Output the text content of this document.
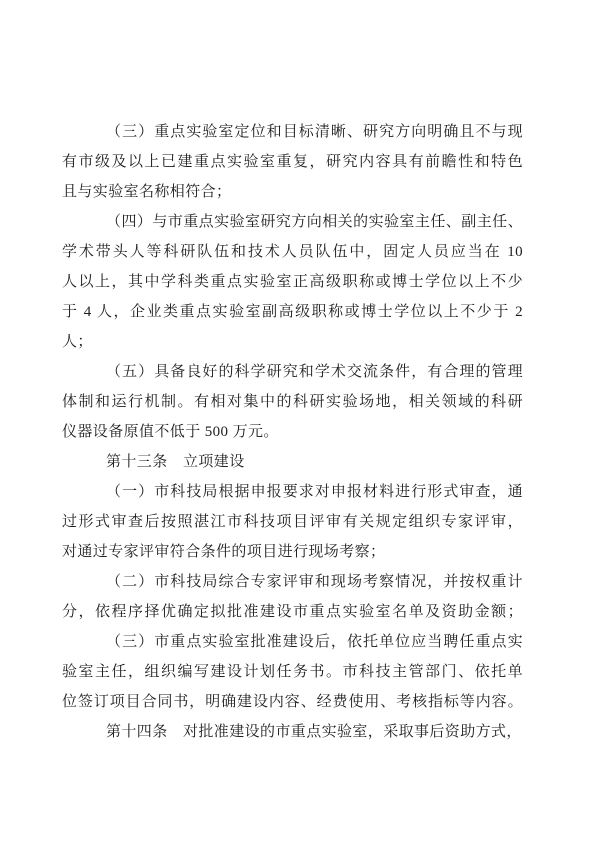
（三）重点实验室定位和目标清晰、研究方向明确且不与现
有市级及以上已建重点实验室重复，研究内容具有前瞻性和特色
且与实验室名称相符合；
（四）与市重点实验室研究方向相关的实验室主任、副主任、
学术带头人等科研队伍和技术人员队伍中，固定人员应当在 10
人以上，其中学科类重点实验室正高级职称或博士学位以上不少
于 4 人，企业类重点实验室副高级职称或博士学位以上不少于 2
人；
（五）具备良好的科学研究和学术交流条件，有合理的管理
体制和运行机制。有相对集中的科研实验场地，相关领域的科研
仪器设备原值不低于 500 万元。
第十三条　立项建设
（一）市科技局根据申报要求对申报材料进行形式审查，通
过形式审查后按照湛江市科技项目评审有关规定组织专家评审，
对通过专家评审符合条件的项目进行现场考察；
（二）市科技局综合专家评审和现场考察情况，并按权重计
分，依程序择优确定拟批准建设市重点实验室名单及资助金额；
（三）市重点实验室批准建设后，依托单位应当聘任重点实
验室主任，组织编写建设计划任务书。市科技主管部门、依托单
位签订项目合同书，明确建设内容、经费使用、考核指标等内容。
第十四条　对批准建设的市重点实验室，采取事后资助方式，
